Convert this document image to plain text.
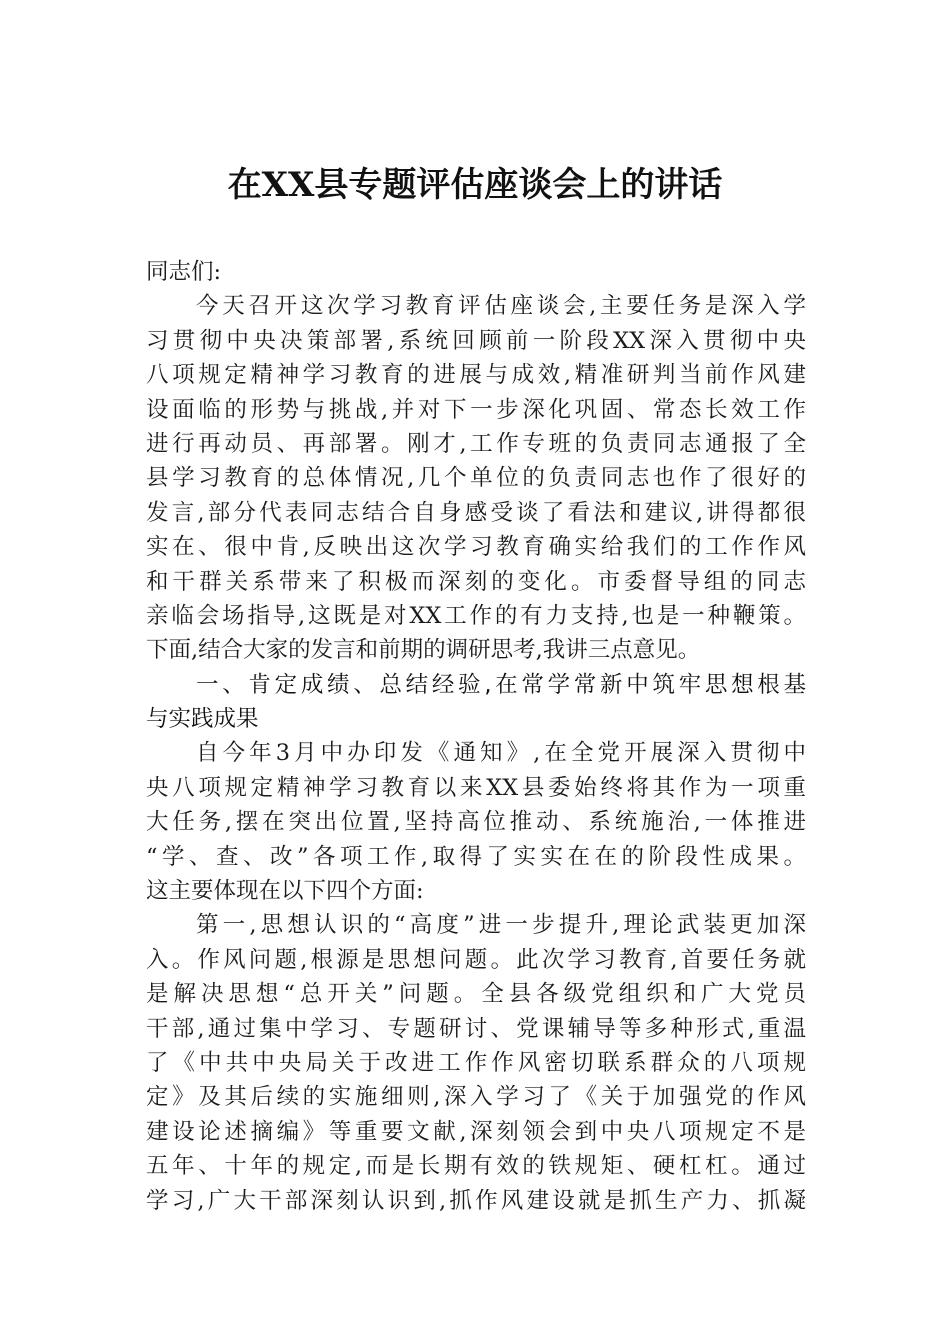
在XX县专题评估座谈会上的讲话
同志们:
今天召开这次学习教育评估座谈会,主要任务是深入学
习贯彻中央决策部署,系统回顾前一阶段XX深入贯彻中央
八项规定精神学习教育的进展与成效,精准研判当前作风建
设面临的形势与挑战,并对下一步深化巩固、常态长效工作
进行再动员、再部署。刚才,工作专班的负责同志通报了全
县学习教育的总体情况,几个单位的负责同志也作了很好的
发言,部分代表同志结合自身感受谈了看法和建议,讲得都很
实在、很中肯,反映出这次学习教育确实给我们的工作作风
和干群关系带来了积极而深刻的变化。市委督导组的同志
亲临会场指导,这既是对XX工作的有力支持,也是一种鞭策。
下面,结合大家的发言和前期的调研思考,我讲三点意见。
一、肯定成绩、总结经验,在常学常新中筑牢思想根基
与实践成果
自今年3月中办印发《通知》,在全党开展深入贯彻中
央八项规定精神学习教育以来XX县委始终将其作为一项重
大任务,摆在突出位置,坚持高位推动、系统施治,一体推进
“学、查、改”各项工作,取得了实实在在的阶段性成果。
这主要体现在以下四个方面:
第一,思想认识的“高度”进一步提升,理论武装更加深
入。作风问题,根源是思想问题。此次学习教育,首要任务就
是解决思想“总开关”问题。全县各级党组织和广大党员
干部,通过集中学习、专题研讨、党课辅导等多种形式,重温
了《中共中央局关于改进工作作风密切联系群众的八项规
定》及其后续的实施细则,深入学习了《关于加强党的作风
建设论述摘编》等重要文献,深刻领会到中央八项规定不是
五年、十年的规定,而是长期有效的铁规矩、硬杠杠。通过
学习,广大干部深刻认识到,抓作风建设就是抓生产力、抓凝
